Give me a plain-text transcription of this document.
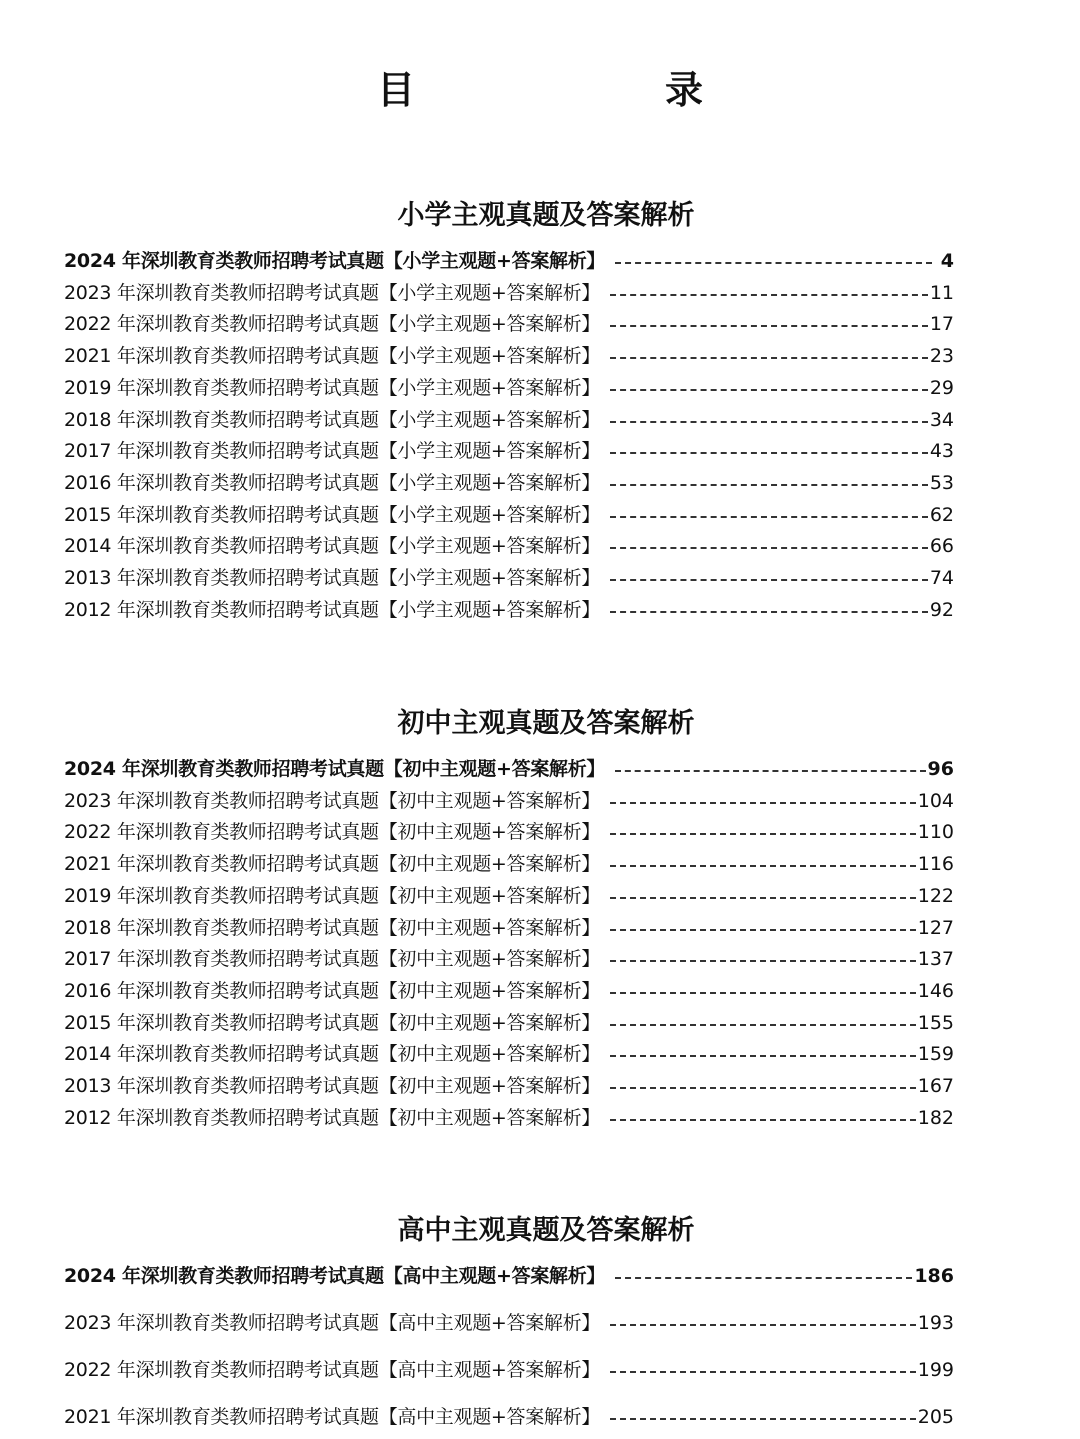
目　　录
小学主观真题及答案解析
2024 年深圳教育类教师招聘考试真题【小学主观题+答案解析】	4
2023 年深圳教育类教师招聘考试真题【小学主观题+答案解析】	11
2022 年深圳教育类教师招聘考试真题【小学主观题+答案解析】	17
2021 年深圳教育类教师招聘考试真题【小学主观题+答案解析】	23
2019 年深圳教育类教师招聘考试真题【小学主观题+答案解析】	29
2018 年深圳教育类教师招聘考试真题【小学主观题+答案解析】	34
2017 年深圳教育类教师招聘考试真题【小学主观题+答案解析】	43
2016 年深圳教育类教师招聘考试真题【小学主观题+答案解析】	53
2015 年深圳教育类教师招聘考试真题【小学主观题+答案解析】	62
2014 年深圳教育类教师招聘考试真题【小学主观题+答案解析】	66
2013 年深圳教育类教师招聘考试真题【小学主观题+答案解析】	74
2012 年深圳教育类教师招聘考试真题【小学主观题+答案解析】	92
初中主观真题及答案解析
2024 年深圳教育类教师招聘考试真题【初中主观题+答案解析】	96
2023 年深圳教育类教师招聘考试真题【初中主观题+答案解析】	104
2022 年深圳教育类教师招聘考试真题【初中主观题+答案解析】	110
2021 年深圳教育类教师招聘考试真题【初中主观题+答案解析】	116
2019 年深圳教育类教师招聘考试真题【初中主观题+答案解析】	122
2018 年深圳教育类教师招聘考试真题【初中主观题+答案解析】	127
2017 年深圳教育类教师招聘考试真题【初中主观题+答案解析】	137
2016 年深圳教育类教师招聘考试真题【初中主观题+答案解析】	146
2015 年深圳教育类教师招聘考试真题【初中主观题+答案解析】	155
2014 年深圳教育类教师招聘考试真题【初中主观题+答案解析】	159
2013 年深圳教育类教师招聘考试真题【初中主观题+答案解析】	167
2012 年深圳教育类教师招聘考试真题【初中主观题+答案解析】	182
高中主观真题及答案解析
2024 年深圳教育类教师招聘考试真题【高中主观题+答案解析】	186
2023 年深圳教育类教师招聘考试真题【高中主观题+答案解析】	193
2022 年深圳教育类教师招聘考试真题【高中主观题+答案解析】	199
2021 年深圳教育类教师招聘考试真题【高中主观题+答案解析】	205
